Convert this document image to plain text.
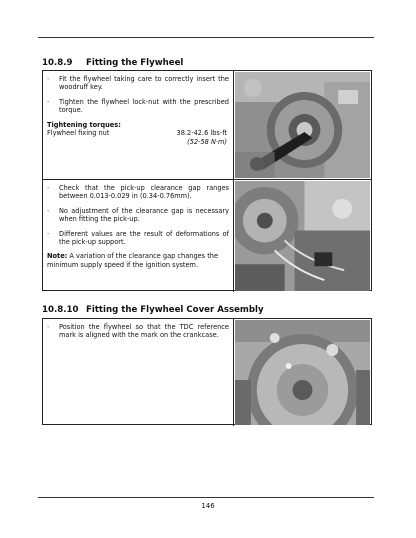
10.8.9 Fitting the Flywheel
- Fit the flywheel taking care to correctly insert the woodruff key.
- Tighten the flywheel lock-nut with the prescribed torque.
Tightening torques:
Flywheel fixing nut	38.2-42.6 lbs-ft
(52-58 N·m)
- Check that the pick-up clearance gap ranges between 0.013-0.029 in (0.34-0.76mm).
- No adjustment of the clearance gap is necessary when fitting the pick-up.
- Different values are the result of deformations of the pick-up support.
Note: A variation of the clearance gap changes the minimum supply speed if the ignition system.
10.8.10 Fitting the Flywheel Cover Assembly
- Position the flywheel so that the TDC reference mark is aligned with the mark on the crankcase.
146
